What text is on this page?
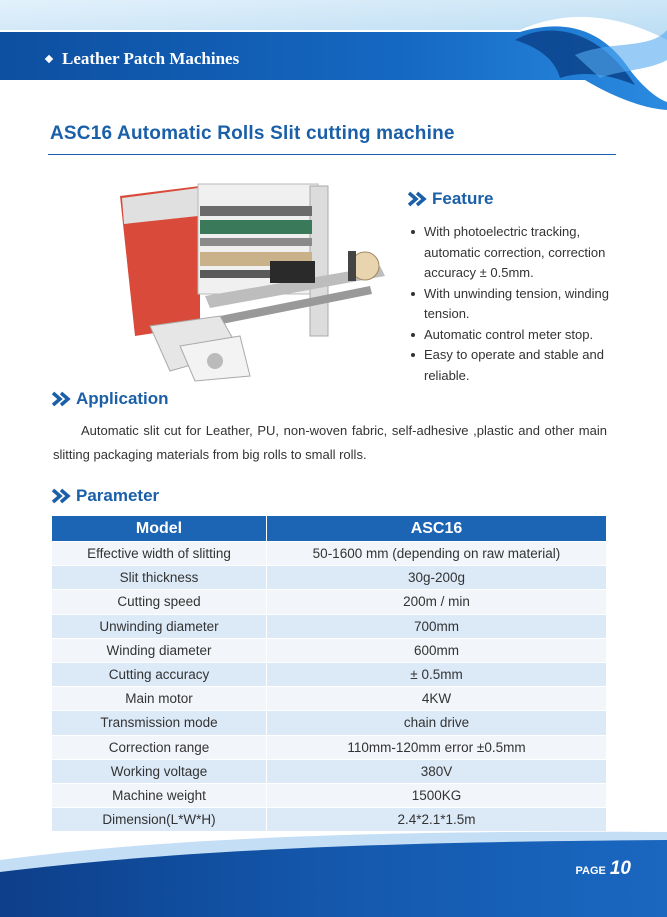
Leather Patch Machines
ASC16 Automatic Rolls Slit cutting machine
Feature
With photoelectric tracking, automatic correction, correction accuracy ± 0.5mm.
With unwinding tension, winding tension.
Automatic control meter stop.
Easy to operate and stable and reliable.
Application
Automatic slit cut for Leather, PU, non-woven fabric, self-adhesive ,plastic and other main slitting packaging materials from big rolls to small rolls.
Parameter
Model	ASC16
Effective width of slitting	50-1600 mm (depending on raw material)
Slit thickness	30g-200g
Cutting speed	200m / min
Unwinding diameter	700mm
Winding diameter	600mm
Cutting accuracy	± 0.5mm
Main motor	4KW
Transmission mode	chain drive
Correction range	110mm-120mm error ±0.5mm
Working voltage	380V
Machine weight	1500KG
Dimension(L*W*H)	2.4*2.1*1.5m
PAGE 10
